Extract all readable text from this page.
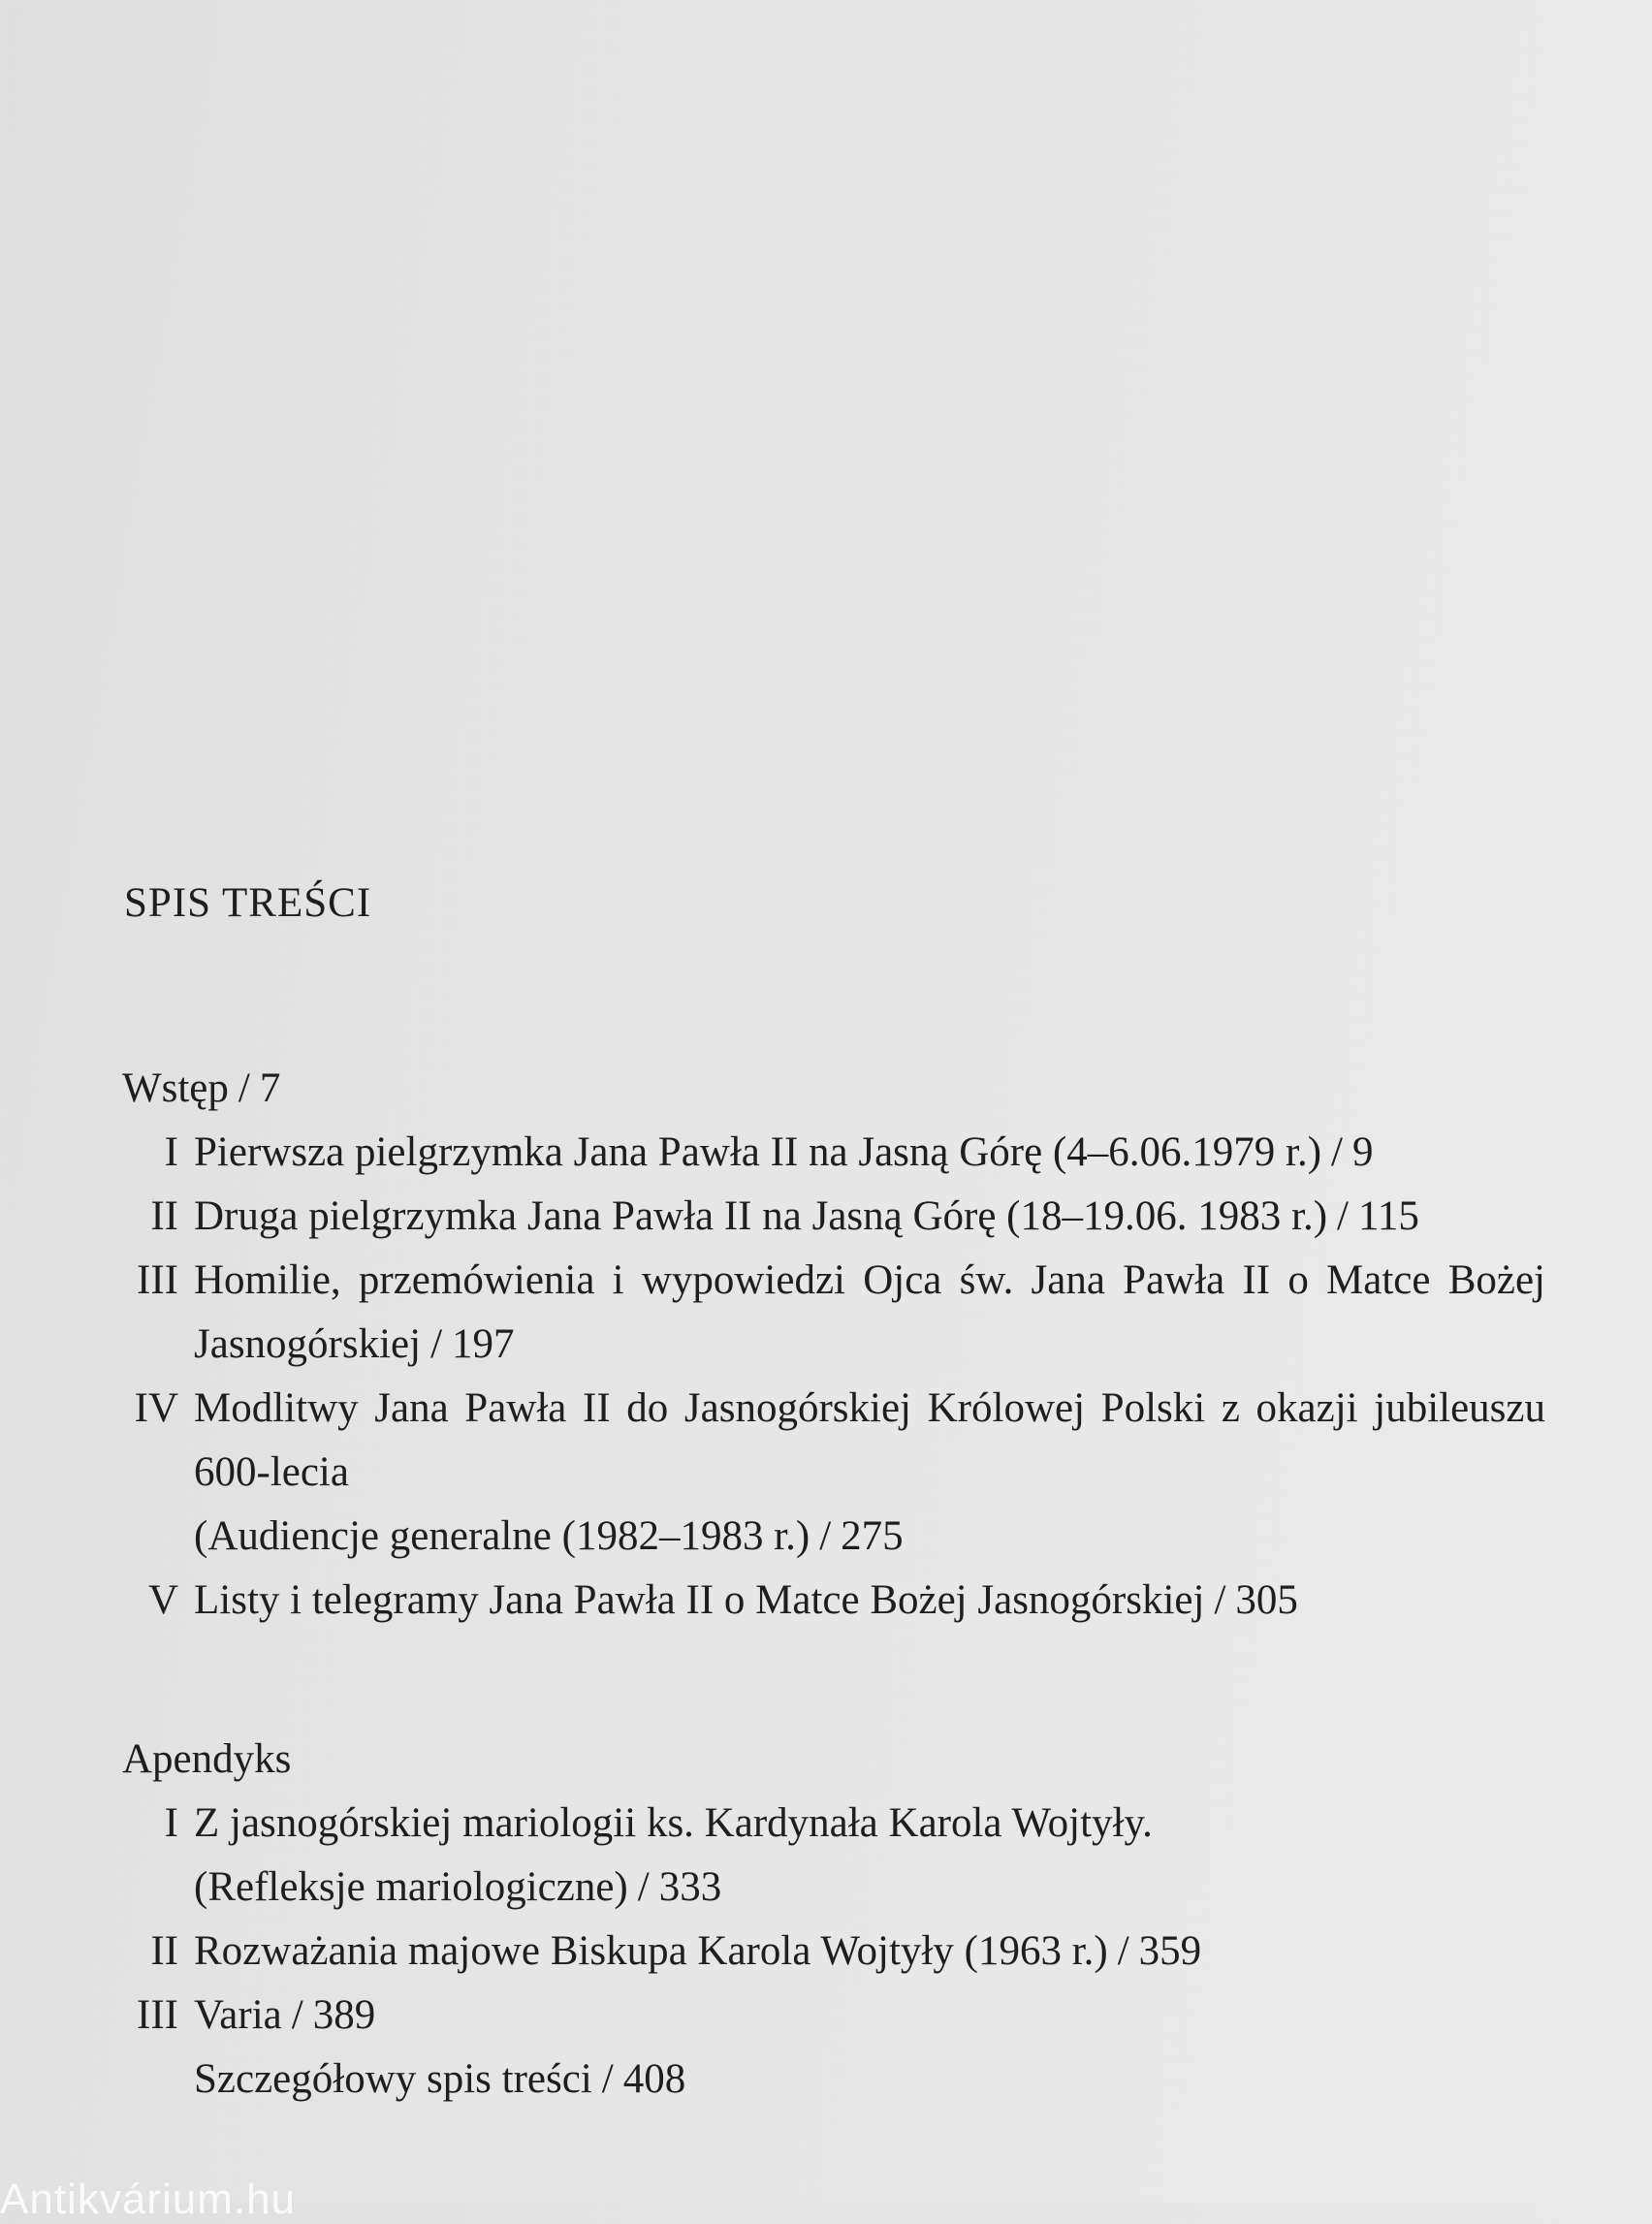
SPIS TREŚCI
Wstęp / 7
I Pierwsza pielgrzymka Jana Pawła II na Jasną Górę (4–6.06.1979 r.) / 9
II Druga pielgrzymka Jana Pawła II na Jasną Górę (18–19.06. 1983 r.) / 115
III Homilie, przemówienia i wypowiedzi Ojca św. Jana Pawła II o Matce Bożej Jasnogórskiej / 197
IV Modlitwy Jana Pawła II do Jasnogórskiej Królowej Polski z okazji jubileuszu 600-lecia
(Audiencje generalne (1982–1983 r.) / 275
V Listy i telegramy Jana Pawła II o Matce Bożej Jasnogórskiej / 305
Apendyks
I Z jasnogórskiej mariologii ks. Kardynała Karola Wojtyły.
(Refleksje mariologiczne) / 333
II Rozważania majowe Biskupa Karola Wojtyły (1963 r.) / 359
III Varia / 389
Szczegółowy spis treści / 408
Antikvárium.hu
